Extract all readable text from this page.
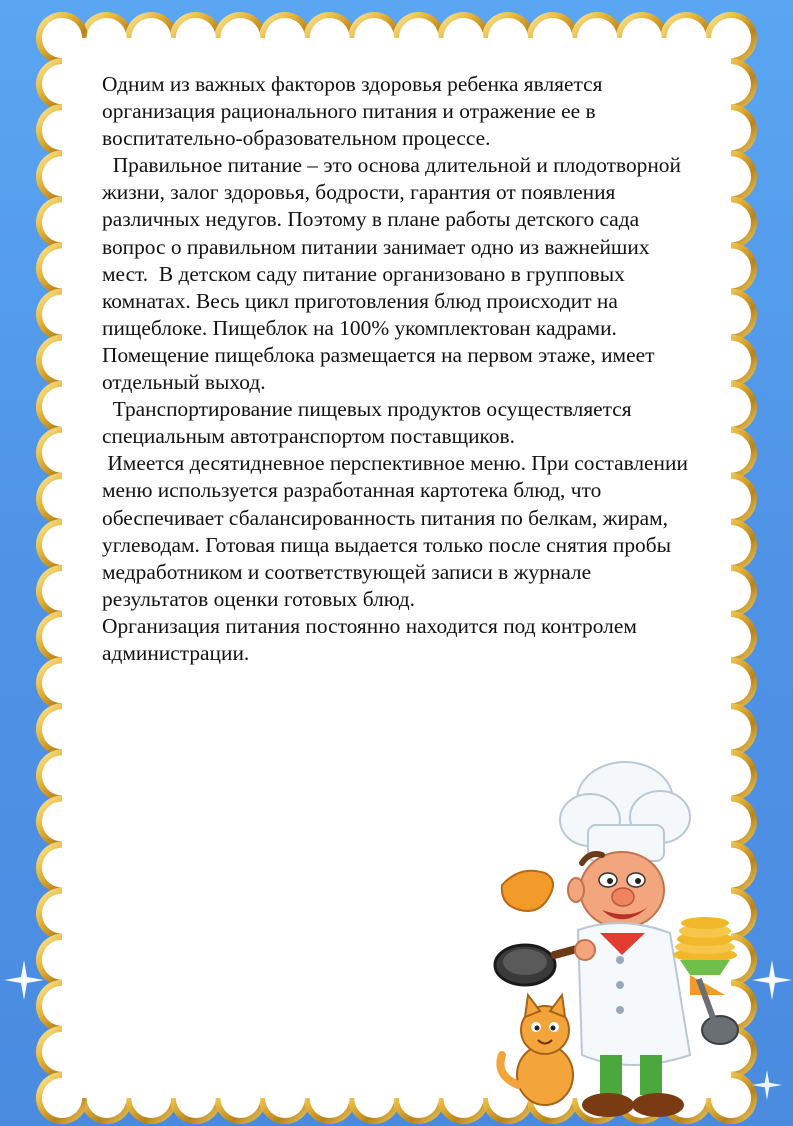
Одним из важных факторов здоровья ребенка является организация рационального питания и отражение ее в воспитательно-образовательном процессе.

Правильное питание – это основа длительной и плодотворной жизни, залог здоровья, бодрости, гарантия от появления различных недугов. Поэтому в плане работы детского сада вопрос о правильном питании занимает одно из важнейших мест.  В детском саду питание организовано в групповых комнатах. Весь цикл приготовления блюд происходит на пищеблоке. Пищеблок на 100% укомплектован кадрами. Помещение пищеблока размещается на первом этаже, имеет отдельный выход.

Транспортирование пищевых продуктов осуществляется специальным автотранспортом поставщиков.

Имеется десятидневное перспективное меню. При составлении меню используется разработанная картотека блюд, что обеспечивает сбалансированность питания по белкам, жирам, углеводам. Готовая пища выдается только после снятия пробы медработником и соответствующей записи в журнале результатов оценки готовых блюд.

Организация питания постоянно находится под контролем администрации.
